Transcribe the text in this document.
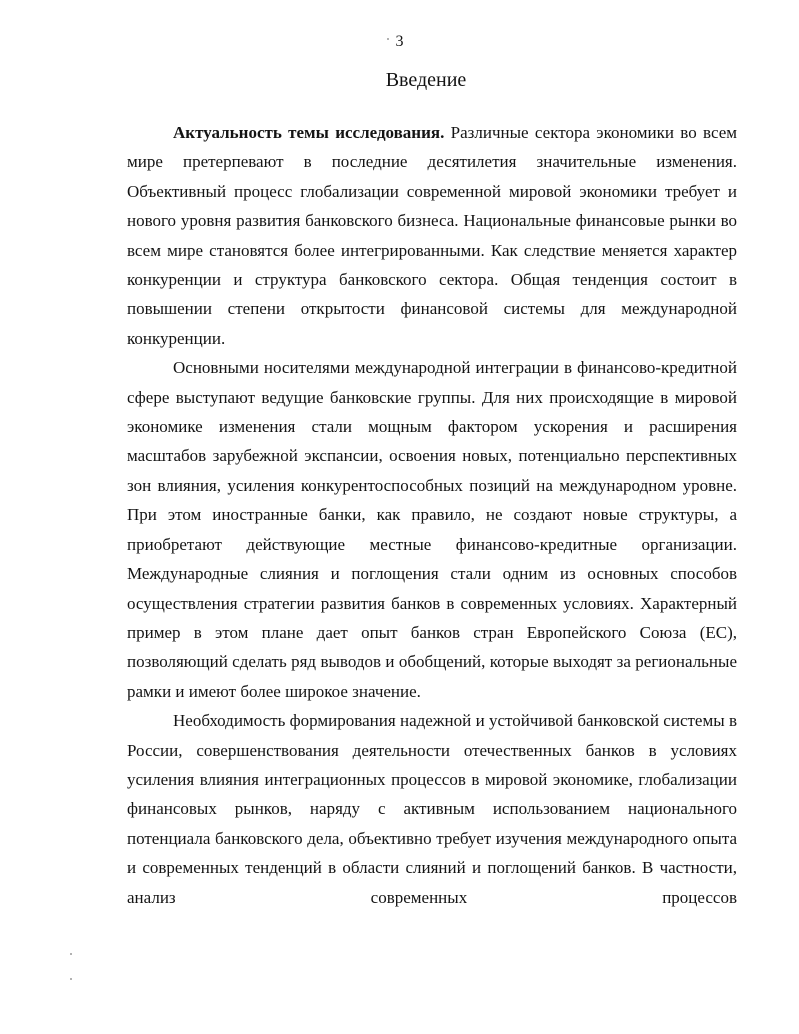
3
Введение

Актуальность темы исследования. Различные сектора экономики во всем мире претерпевают в последние десятилетия значительные изменения. Объективный процесс глобализации современной мировой экономики требует и нового уровня развития банковского бизнеса. Национальные финансовые рынки во всем мире становятся более интегрированными. Как следствие меняется характер конкуренции и структура банковского сектора. Общая тенденция состоит в повышении степени открытости финансовой системы для международной конкуренции.

Основными носителями международной интеграции в финансово-кредитной сфере выступают ведущие банковские группы. Для них происходящие в мировой экономике изменения стали мощным фактором ускорения и расширения масштабов зарубежной экспансии, освоения новых, потенциально перспективных зон влияния, усиления конкурентоспособных позиций на международном уровне. При этом иностранные банки, как правило, не создают новые структуры, а приобретают действующие местные финансово-кредитные организации. Международные слияния и поглощения стали одним из основных способов осуществления стратегии развития банков в современных условиях. Характерный пример в этом плане дает опыт банков стран Европейского Союза (ЕС), позволяющий сделать ряд выводов и обобщений, которые выходят за региональные рамки и имеют более широкое значение.

Необходимость формирования надежной и устойчивой банковской системы в России, совершенствования деятельности отечественных банков в условиях усиления влияния интеграционных процессов в мировой экономике, глобализации финансовых рынков, наряду с активным использованием национального потенциала банковского дела, объективно требует изучения международного опыта и современных тенденций в области слияний и поглощений банков. В частности, анализ современных процессов
